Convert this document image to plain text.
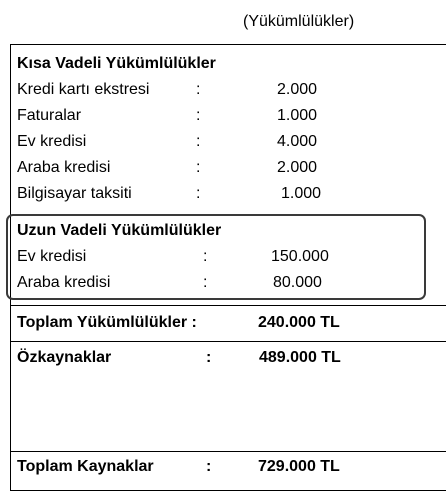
(Yükümlülükler)
Kısa Vadeli Yükümlülükler
Kredi kartı ekstresi	:	2.000
Faturalar	:	1.000
Ev kredisi	:	4.000
Araba kredisi	:	2.000
Bilgisayar taksiti	:	1.000
Uzun Vadeli Yükümlülükler
Ev kredisi	:	150.000
Araba kredisi	:	80.000
Toplam Yükümlülükler :	240.000 TL
Özkaynaklar	:	489.000 TL
Toplam Kaynaklar	:	729.000 TL
